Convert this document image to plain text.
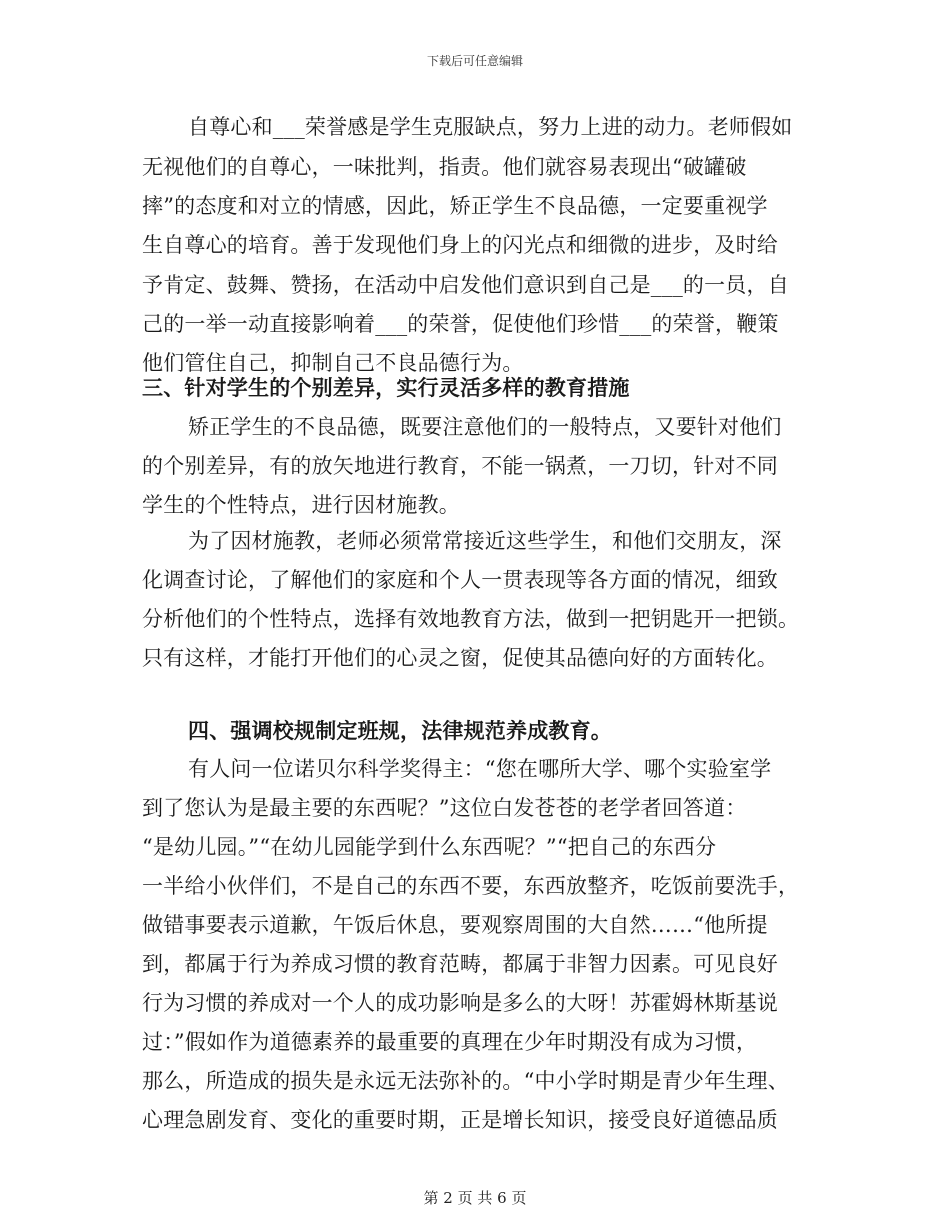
下载后可任意编辑
自尊心和___荣誉感是学生克服缺点，努力上进的动力。老师假如
无视他们的自尊心，一味批判，指责。他们就容易表现出“破罐破
摔”的态度和对立的情感，因此，矫正学生不良品德，一定要重视学
生自尊心的培育。善于发现他们身上的闪光点和细微的进步，及时给
予肯定、鼓舞、赞扬，在活动中启发他们意识到自己是___的一员，自
己的一举一动直接影响着___的荣誉，促使他们珍惜___的荣誉，鞭策
他们管住自己，抑制自己不良品德行为。
三、针对学生的个别差异，实行灵活多样的教育措施
矫正学生的不良品德，既要注意他们的一般特点，又要针对他们
的个别差异，有的放矢地进行教育，不能一锅煮，一刀切，针对不同
学生的个性特点，进行因材施教。
为了因材施教，老师必须常常接近这些学生，和他们交朋友，深
化调查讨论，了解他们的家庭和个人一贯表现等各方面的情况，细致
分析他们的个性特点，选择有效地教育方法，做到一把钥匙开一把锁。
只有这样，才能打开他们的心灵之窗，促使其品德向好的方面转化。
四、强调校规制定班规，法律规范养成教育。
有人问一位诺贝尔科学奖得主：“您在哪所大学、哪个实验室学
到了您认为是最主要的东西呢？”这位白发苍苍的老学者回答道：
“是幼儿园。”“在幼儿园能学到什么东西呢？”“把自己的东西分
一半给小伙伴们，不是自己的东西不要，东西放整齐，吃饭前要洗手，
做错事要表示道歉，午饭后休息，要观察周围的大自然……“他所提
到，都属于行为养成习惯的教育范畴，都属于非智力因素。可见良好
行为习惯的养成对一个人的成功影响是多么的大呀！苏霍姆林斯基说
过：”假如作为道德素养的最重要的真理在少年时期没有成为习惯，
那么，所造成的损失是永远无法弥补的。“中小学时期是青少年生理、
心理急剧发育、变化的重要时期，正是增长知识，接受良好道德品质
第 2 页 共 6 页
